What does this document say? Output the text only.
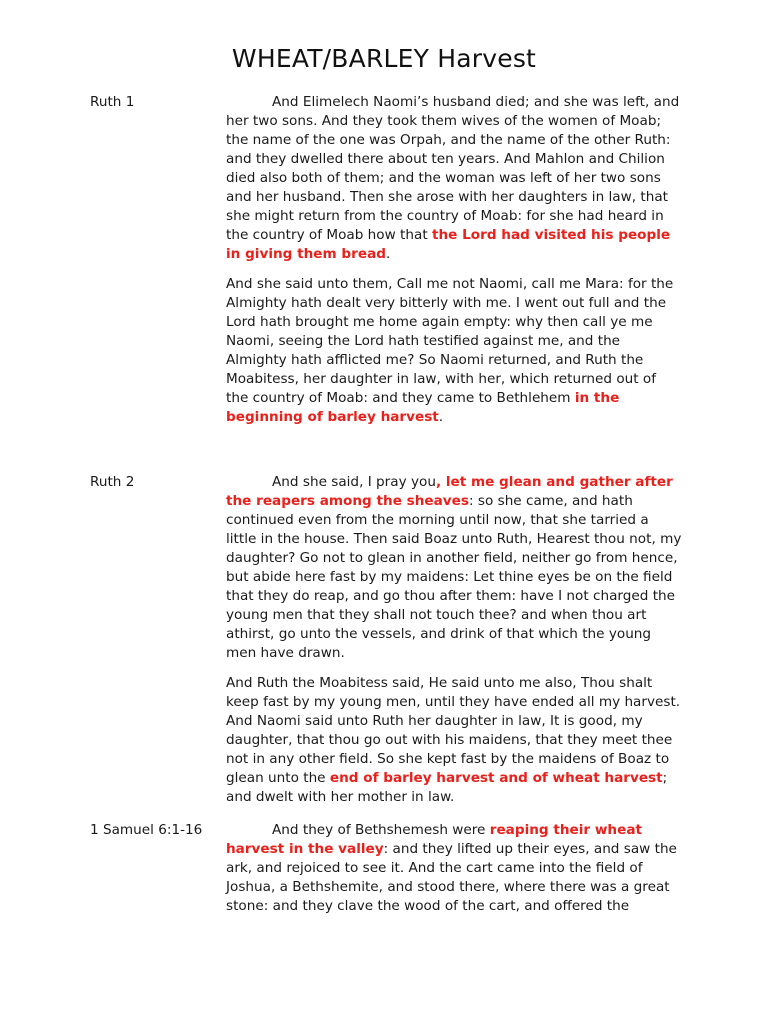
WHEAT/BARLEY Harvest
Ruth 1	And Elimelech Naomi’s husband died; and she was left, and her two sons. And they took them wives of the women of Moab; the name of the one was Orpah, and the name of the other Ruth: and they dwelled there about ten years. And Mahlon and Chilion died also both of them; and the woman was left of her two sons and her husband. Then she arose with her daughters in law, that she might return from the country of Moab: for she had heard in the country of Moab how that the Lord had visited his people in giving them bread.

And she said unto them, Call me not Naomi, call me Mara: for the Almighty hath dealt very bitterly with me. I went out full and the Lord hath brought me home again empty: why then call ye me Naomi, seeing the Lord hath testified against me, and the Almighty hath afflicted me? So Naomi returned, and Ruth the Moabitess, her daughter in law, with her, which returned out of the country of Moab: and they came to Bethlehem in the beginning of barley harvest.

Ruth 2	And she said, I pray you, let me glean and gather after the reapers among the sheaves: so she came, and hath continued even from the morning until now, that she tarried a little in the house. Then said Boaz unto Ruth, Hearest thou not, my daughter? Go not to glean in another field, neither go from hence, but abide here fast by my maidens: Let thine eyes be on the field that they do reap, and go thou after them: have I not charged the young men that they shall not touch thee? and when thou art athirst, go unto the vessels, and drink of that which the young men have drawn.

And Ruth the Moabitess said, He said unto me also, Thou shalt keep fast by my young men, until they have ended all my harvest. And Naomi said unto Ruth her daughter in law, It is good, my daughter, that thou go out with his maidens, that they meet thee not in any other field. So she kept fast by the maidens of Boaz to glean unto the end of barley harvest and of wheat harvest; and dwelt with her mother in law.

1 Samuel 6:1-16	And they of Bethshemesh were reaping their wheat harvest in the valley: and they lifted up their eyes, and saw the ark, and rejoiced to see it. And the cart came into the field of Joshua, a Bethshemite, and stood there, where there was a great stone: and they clave the wood of the cart, and offered the
